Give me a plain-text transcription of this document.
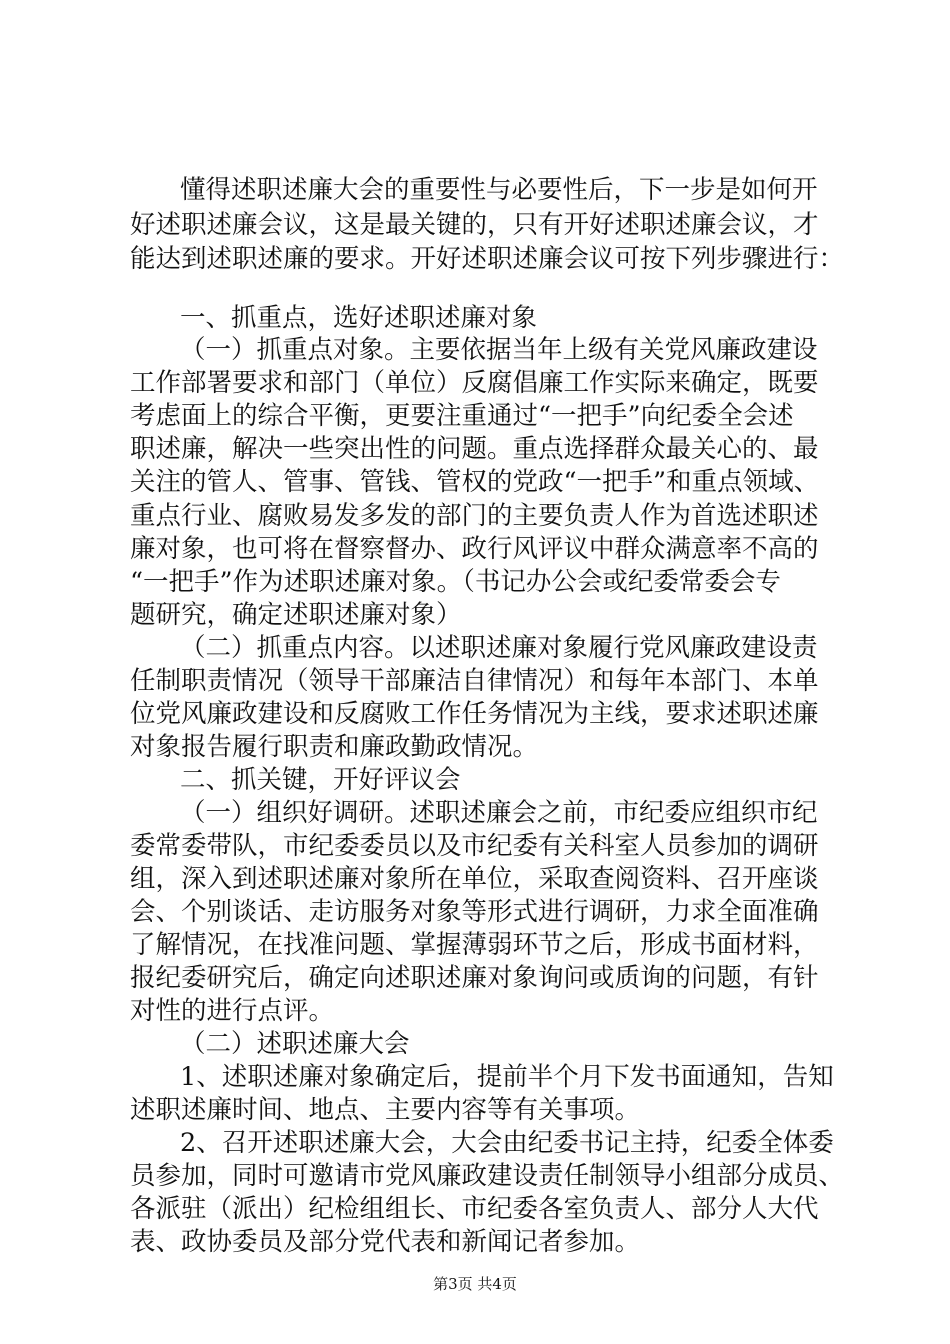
懂得述职述廉大会的重要性与必要性后，下一步是如何开

好述职述廉会议，这是最关键的，只有开好述职述廉会议，才

能达到述职述廉的要求。开好述职述廉会议可按下列步骤进行：

一、抓重点，选好述职述廉对象

（一）抓重点对象。主要依据当年上级有关党风廉政建设

工作部署要求和部门（单位）反腐倡廉工作实际来确定，既要

考虑面上的综合平衡，更要注重通过“一把手”向纪委全会述

职述廉，解决一些突出性的问题。重点选择群众最关心的、最

关注的管人、管事、管钱、管权的党政“一把手”和重点领域、

重点行业、腐败易发多发的部门的主要负责人作为首选述职述

廉对象，也可将在督察督办、政行风评议中群众满意率不高的

“一把手”作为述职述廉对象。（书记办公会或纪委常委会专

题研究，确定述职述廉对象）

（二）抓重点内容。以述职述廉对象履行党风廉政建设责

任制职责情况（领导干部廉洁自律情况）和每年本部门、本单

位党风廉政建设和反腐败工作任务情况为主线，要求述职述廉

对象报告履行职责和廉政勤政情况。

二、抓关键，开好评议会

（一）组织好调研。述职述廉会之前，市纪委应组织市纪

委常委带队，市纪委委员以及市纪委有关科室人员参加的调研

组，深入到述职述廉对象所在单位，采取查阅资料、召开座谈

会、个别谈话、走访服务对象等形式进行调研，力求全面准确

了解情况，在找准问题、掌握薄弱环节之后，形成书面材料，

报纪委研究后，确定向述职述廉对象询问或质询的问题，有针

对性的进行点评。

（二）述职述廉大会

1、述职述廉对象确定后，提前半个月下发书面通知，告知

述职述廉时间、地点、主要内容等有关事项。

2、召开述职述廉大会，大会由纪委书记主持，纪委全体委

员参加，同时可邀请市党风廉政建设责任制领导小组部分成员、

各派驻（派出）纪检组组长、市纪委各室负责人、部分人大代

表、政协委员及部分党代表和新闻记者参加。

第3页 共4页
